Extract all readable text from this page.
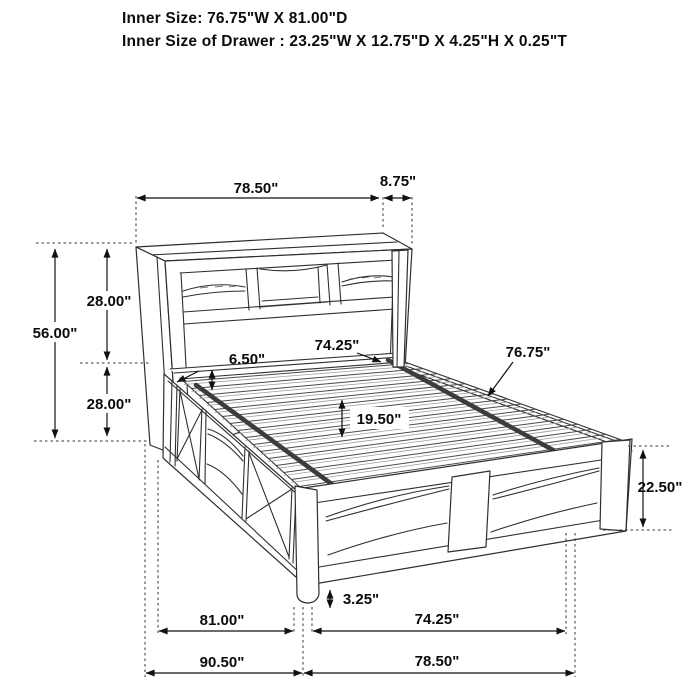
Inner Size: 76.75"W X 81.00"D
Inner Size of Drawer : 23.25"W X 12.75"D X 4.25"H X 0.25"T
78.50"	8.75"
56.00"
28.00"
28.00"
6.50"
74.25"	76.75"
19.50"
22.50"
3.25"
81.00"	74.25"
90.50"	78.50"
